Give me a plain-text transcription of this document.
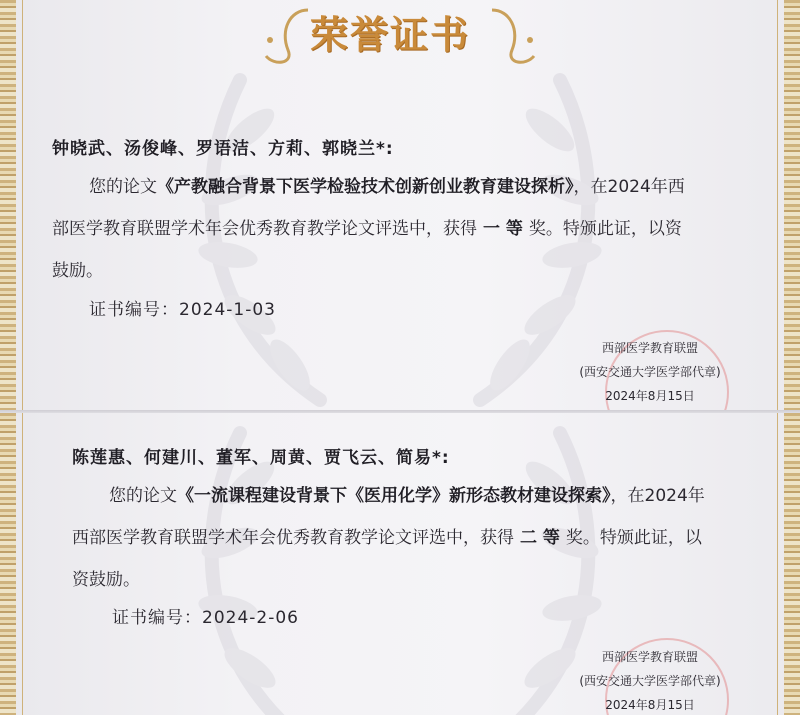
荣誉证书
钟晓武、汤俊峰、罗语洁、方莉、郭晓兰*:
您的论文《产教融合背景下医学检验技术创新创业教育建设探析》，在2024年西
部医学教育联盟学术年会优秀教育教学论文评选中，获得 一 等 奖。特颁此证，以资
鼓励。
证书编号：2024-1-03
西部医学教育联盟
(西安交通大学医学部代章)
2024年8月15日
陈莲惠、何建川、董军、周黄、贾飞云、简易*:
您的论文《一流课程建设背景下《医用化学》新形态教材建设探索》，在2024年
西部医学教育联盟学术年会优秀教育教学论文评选中，获得 二 等 奖。特颁此证，以
资鼓励。
证书编号：2024-2-06
西部医学教育联盟
(西安交通大学医学部代章)
2024年8月15日
